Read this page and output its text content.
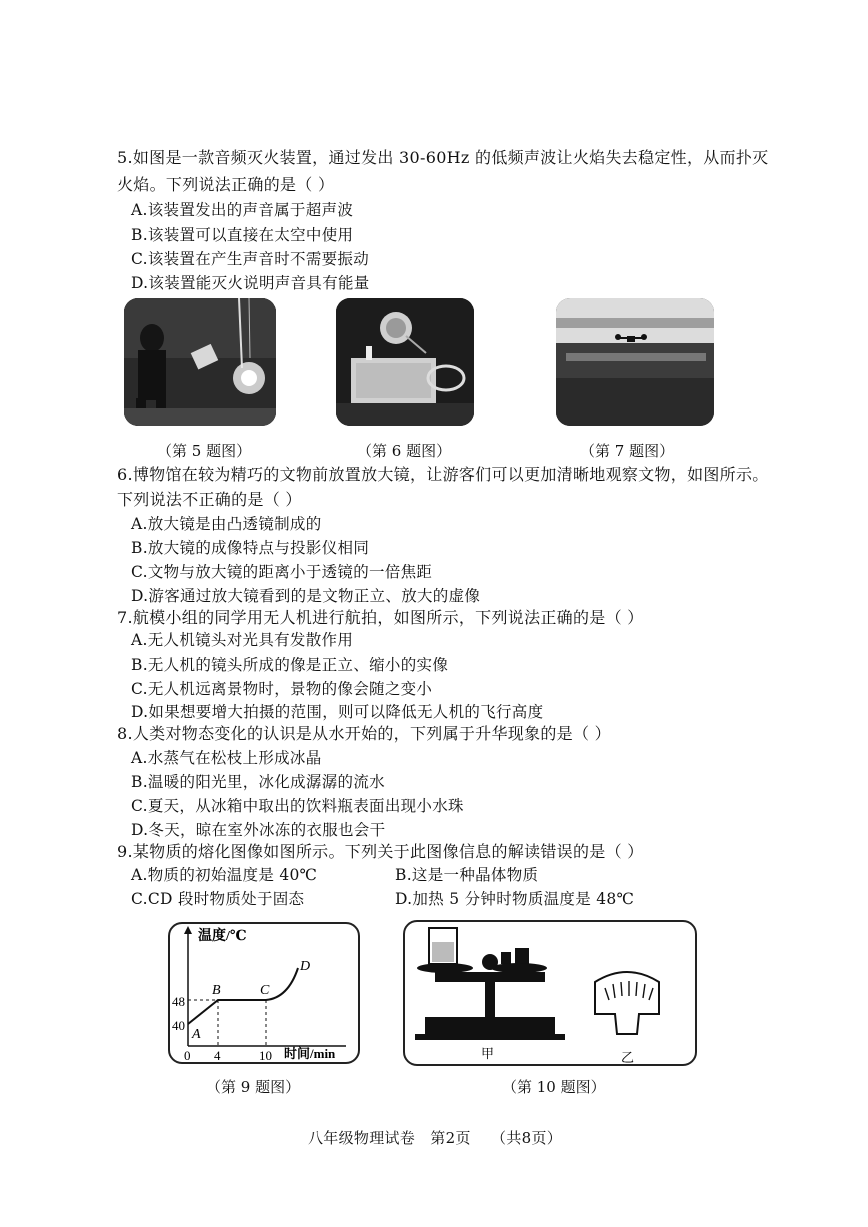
5.如图是一款音频灭火装置，通过发出 30-60Hz 的低频声波让火焰失去稳定性，从而扑灭
火焰。下列说法正确的是（ ）
A.该装置发出的声音属于超声波
B.该装置可以直接在太空中使用
C.该装置在产生声音时不需要振动
D.该装置能灭火说明声音具有能量
（第 5 题图）	（第 6 题图）	（第 7 题图）
6.博物馆在较为精巧的文物前放置放大镜，让游客们可以更加清晰地观察文物，如图所示。
下列说法不正确的是（ ）
A.放大镜是由凸透镜制成的
B.放大镜的成像特点与投影仪相同
C.文物与放大镜的距离小于透镜的一倍焦距
D.游客通过放大镜看到的是文物正立、放大的虚像
7.航模小组的同学用无人机进行航拍，如图所示，下列说法正确的是（ ）
A.无人机镜头对光具有发散作用
B.无人机的镜头所成的像是正立、缩小的实像
C.无人机远离景物时，景物的像会随之变小
D.如果想要增大拍摄的范围，则可以降低无人机的飞行高度
8.人类对物态变化的认识是从水开始的，下列属于升华现象的是（ ）
A.水蒸气在松枝上形成冰晶
B.温暖的阳光里，冰化成潺潺的流水
C.夏天，从冰箱中取出的饮料瓶表面出现小水珠
D.冬天，晾在室外冰冻的衣服也会干
9.某物质的熔化图像如图所示。下列关于此图像信息的解读错误的是（ ）
A.物质的初始温度是 40℃	B.这是一种晶体物质
C.CD 段时物质处于固态	D.加热 5 分钟时物质温度是 48℃
温度/℃
时间/min
0 4	10
48
40
A
B	C
D
甲	乙
（第 9 题图）	（第 10 题图）
八年级物理试卷   第2页    （共8页）
